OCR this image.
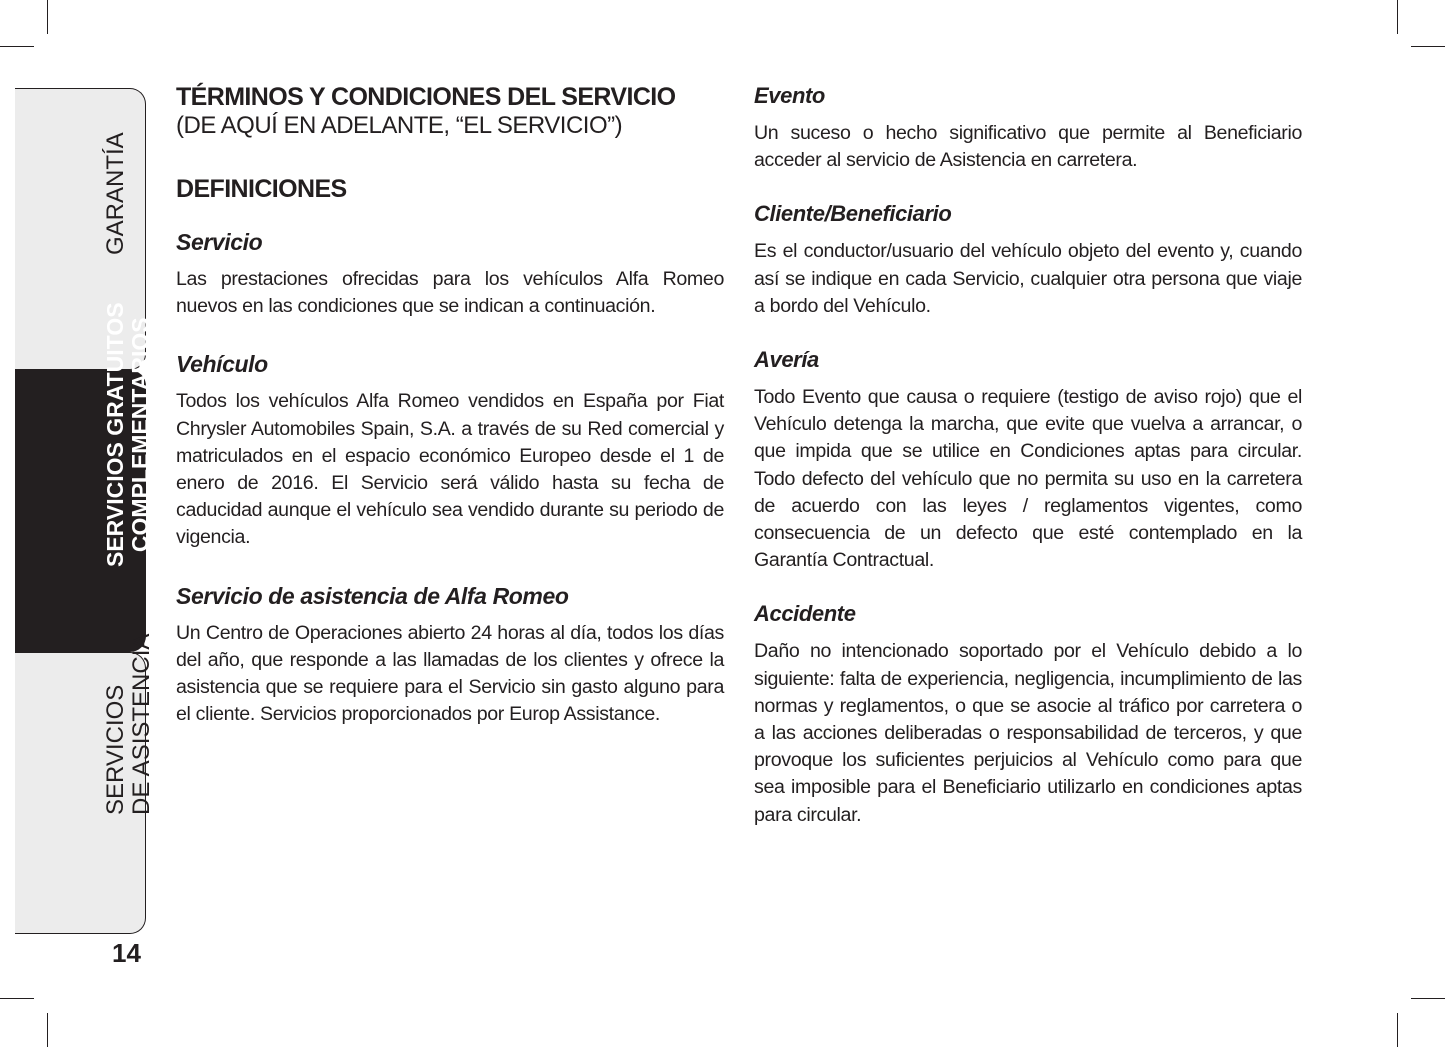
GARANTÍA
SERVICIOS GRATUITOS COMPLEMENTARIOS
SERVICIOS DE ASISTENCIA
14
TÉRMINOS Y CONDICIONES DEL SERVICIO

(DE AQUÍ EN ADELANTE, “EL SERVICIO”)

DEFINICIONES
Servicio

Las prestaciones ofrecidas para los vehículos Alfa Romeo nuevos en las condiciones que se indican a continuación.

Vehículo

Todos los vehículos Alfa Romeo vendidos en España por Fiat Chrysler Automobiles Spain, S.A. a través de su Red comercial y matriculados en el espacio económico Europeo desde el 1 de enero de 2016. El Servicio será válido hasta su fecha de caducidad aunque el vehículo sea vendido durante su periodo de vigencia.

Servicio de asistencia de Alfa Romeo

Un Centro de Operaciones abierto 24 horas al día, todos los días del año, que responde a las llamadas de los clientes y ofrece la asistencia que se requiere para el Servicio sin gasto alguno para el cliente. Servicios proporcionados por Europ Assistance.

Evento

Un suceso o hecho significativo que permite al Beneficiario acceder al servicio de Asistencia en carretera.

Cliente/Beneficiario

Es el conductor/usuario del vehículo objeto del evento y, cuando así se indique en cada Servicio, cualquier otra persona que viaje a bordo del Vehículo.

Avería

Todo Evento que causa o requiere (testigo de aviso rojo) que el Vehículo detenga la marcha, que evite que vuelva a arrancar, o que impida que se utilice en Condiciones aptas para circular. Todo defecto del vehículo que no permita su uso en la carretera de acuerdo con las leyes / reglamentos vigentes, como consecuencia de un defecto que esté contemplado en la Garantía Contractual.

Accidente

Daño no intencionado soportado por el Vehículo debido a lo siguiente: falta de experiencia, negligencia, incumplimiento de las normas y reglamentos, o que se asocie al tráfico por carretera o a las acciones deliberadas o responsabilidad de terceros, y que provoque los suficientes perjuicios al Vehículo como para que sea imposible para el Beneficiario utilizarlo en condiciones aptas para circular.
